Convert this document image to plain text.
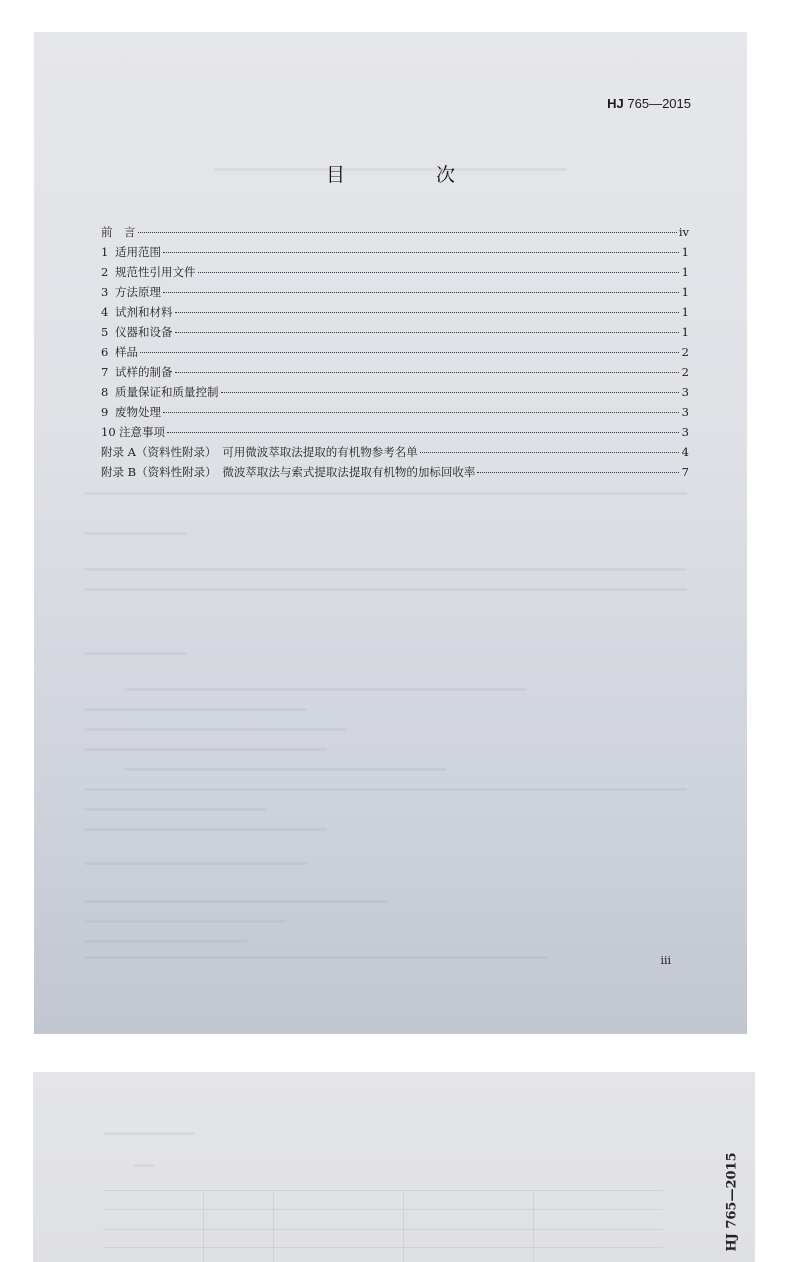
HJ 765—2015
目　次
前　言	iv
1 适用范围	1
2 规范性引用文件	1
3 方法原理	1
4 试剂和材料	1
5 仪器和设备	1
6 样品	2
7 试样的制备	2
8 质量保证和质量控制	3
9 废物处理	3
10 注意事项	3
附录 A（资料性附录）　可用微波萃取法提取的有机物参考名单	4
附录 B（资料性附录）　微波萃取法与索式提取法提取有机物的加标回收率	7
iii
HJ 765—2015
